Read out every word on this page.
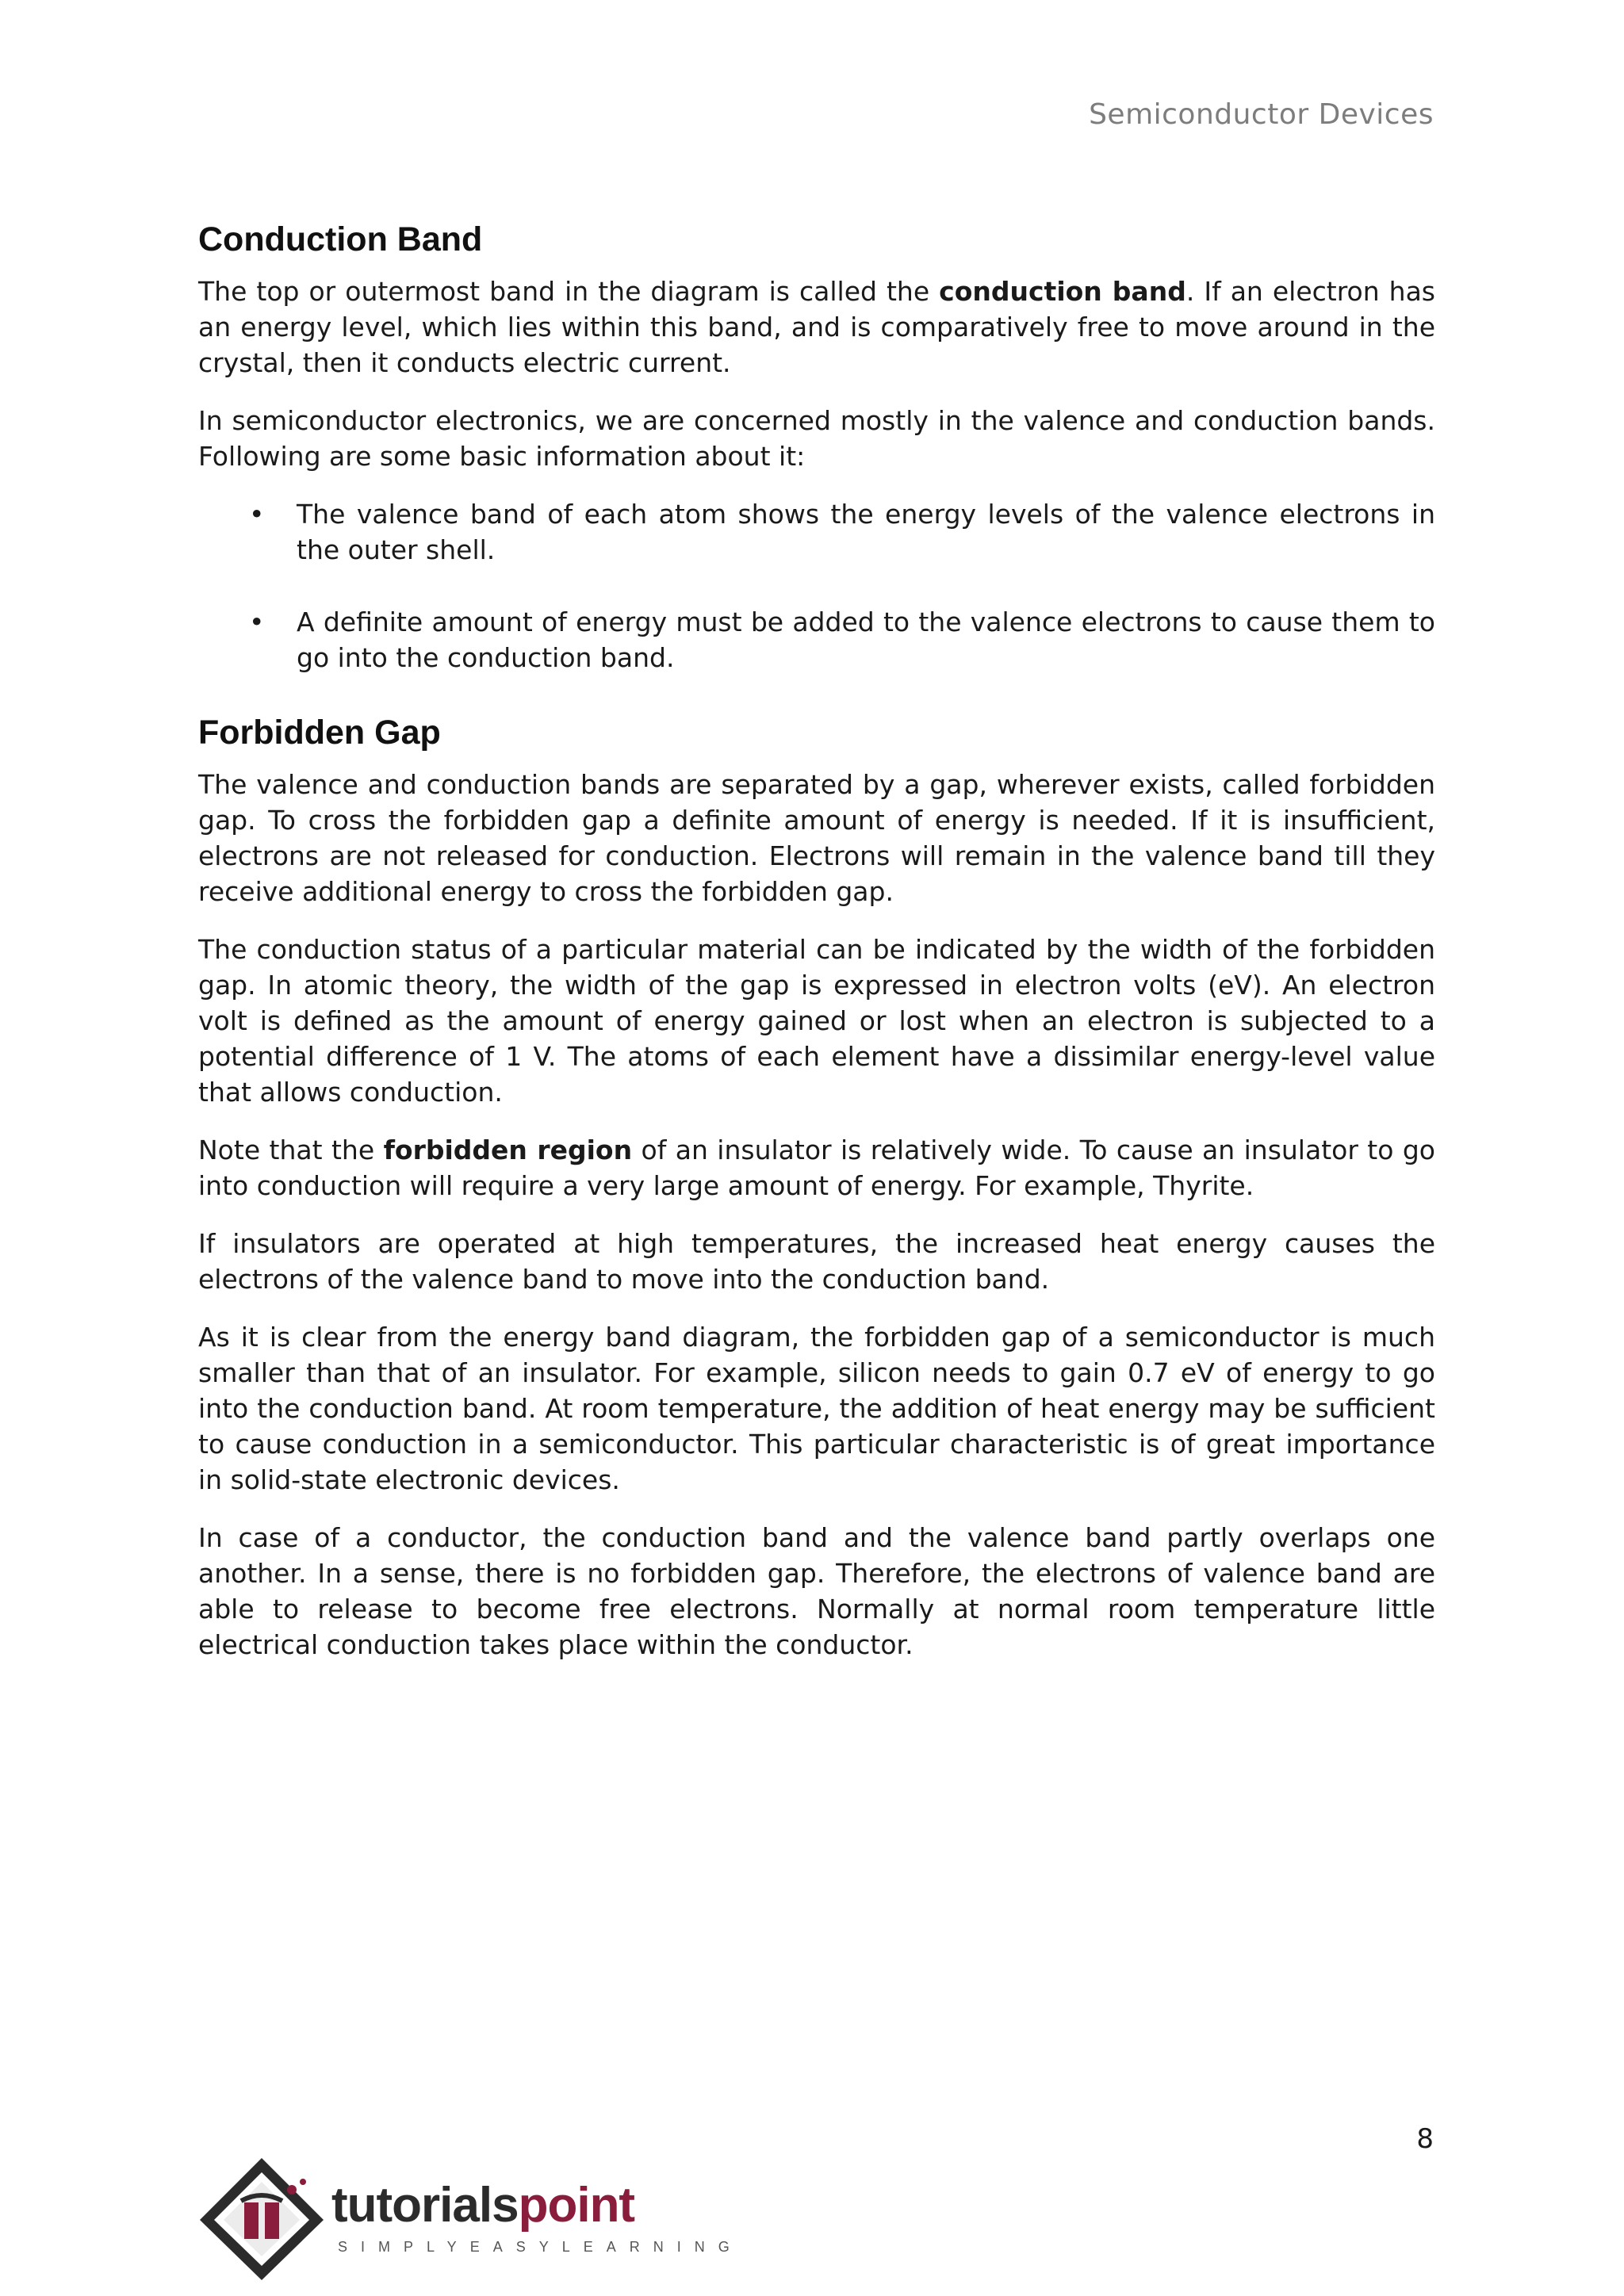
Semiconductor Devices
Conduction Band

The top or outermost band in the diagram is called the conduction band. If an electron has an energy level, which lies within this band, and is comparatively free to move around in the crystal, then it conducts electric current.

In semiconductor electronics, we are concerned mostly in the valence and conduction bands. Following are some basic information about it:

• The valence band of each atom shows the energy levels of the valence electrons in the outer shell.
• A definite amount of energy must be added to the valence electrons to cause them to go into the conduction band.
Forbidden Gap

The valence and conduction bands are separated by a gap, wherever exists, called forbidden gap. To cross the forbidden gap a definite amount of energy is needed. If it is insufficient, electrons are not released for conduction. Electrons will remain in the valence band till they receive additional energy to cross the forbidden gap.

The conduction status of a particular material can be indicated by the width of the forbidden gap. In atomic theory, the width of the gap is expressed in electron volts (eV). An electron volt is defined as the amount of energy gained or lost when an electron is subjected to a potential difference of 1 V. The atoms of each element have a dissimilar energy-level value that allows conduction.

Note that the forbidden region of an insulator is relatively wide. To cause an insulator to go into conduction will require a very large amount of energy. For example, Thyrite.

If insulators are operated at high temperatures, the increased heat energy causes the electrons of the valence band to move into the conduction band.

As it is clear from the energy band diagram, the forbidden gap of a semiconductor is much smaller than that of an insulator. For example, silicon needs to gain 0.7 eV of energy to go into the conduction band. At room temperature, the addition of heat energy may be sufficient to cause conduction in a semiconductor. This particular characteristic is of great importance in solid-state electronic devices.

In case of a conductor, the conduction band and the valence band partly overlaps one another. In a sense, there is no forbidden gap. Therefore, the electrons of valence band are able to release to become free electrons. Normally at normal room temperature little electrical conduction takes place within the conductor.

8
tutorialspoint
SIMPLYEASYLEARNING
